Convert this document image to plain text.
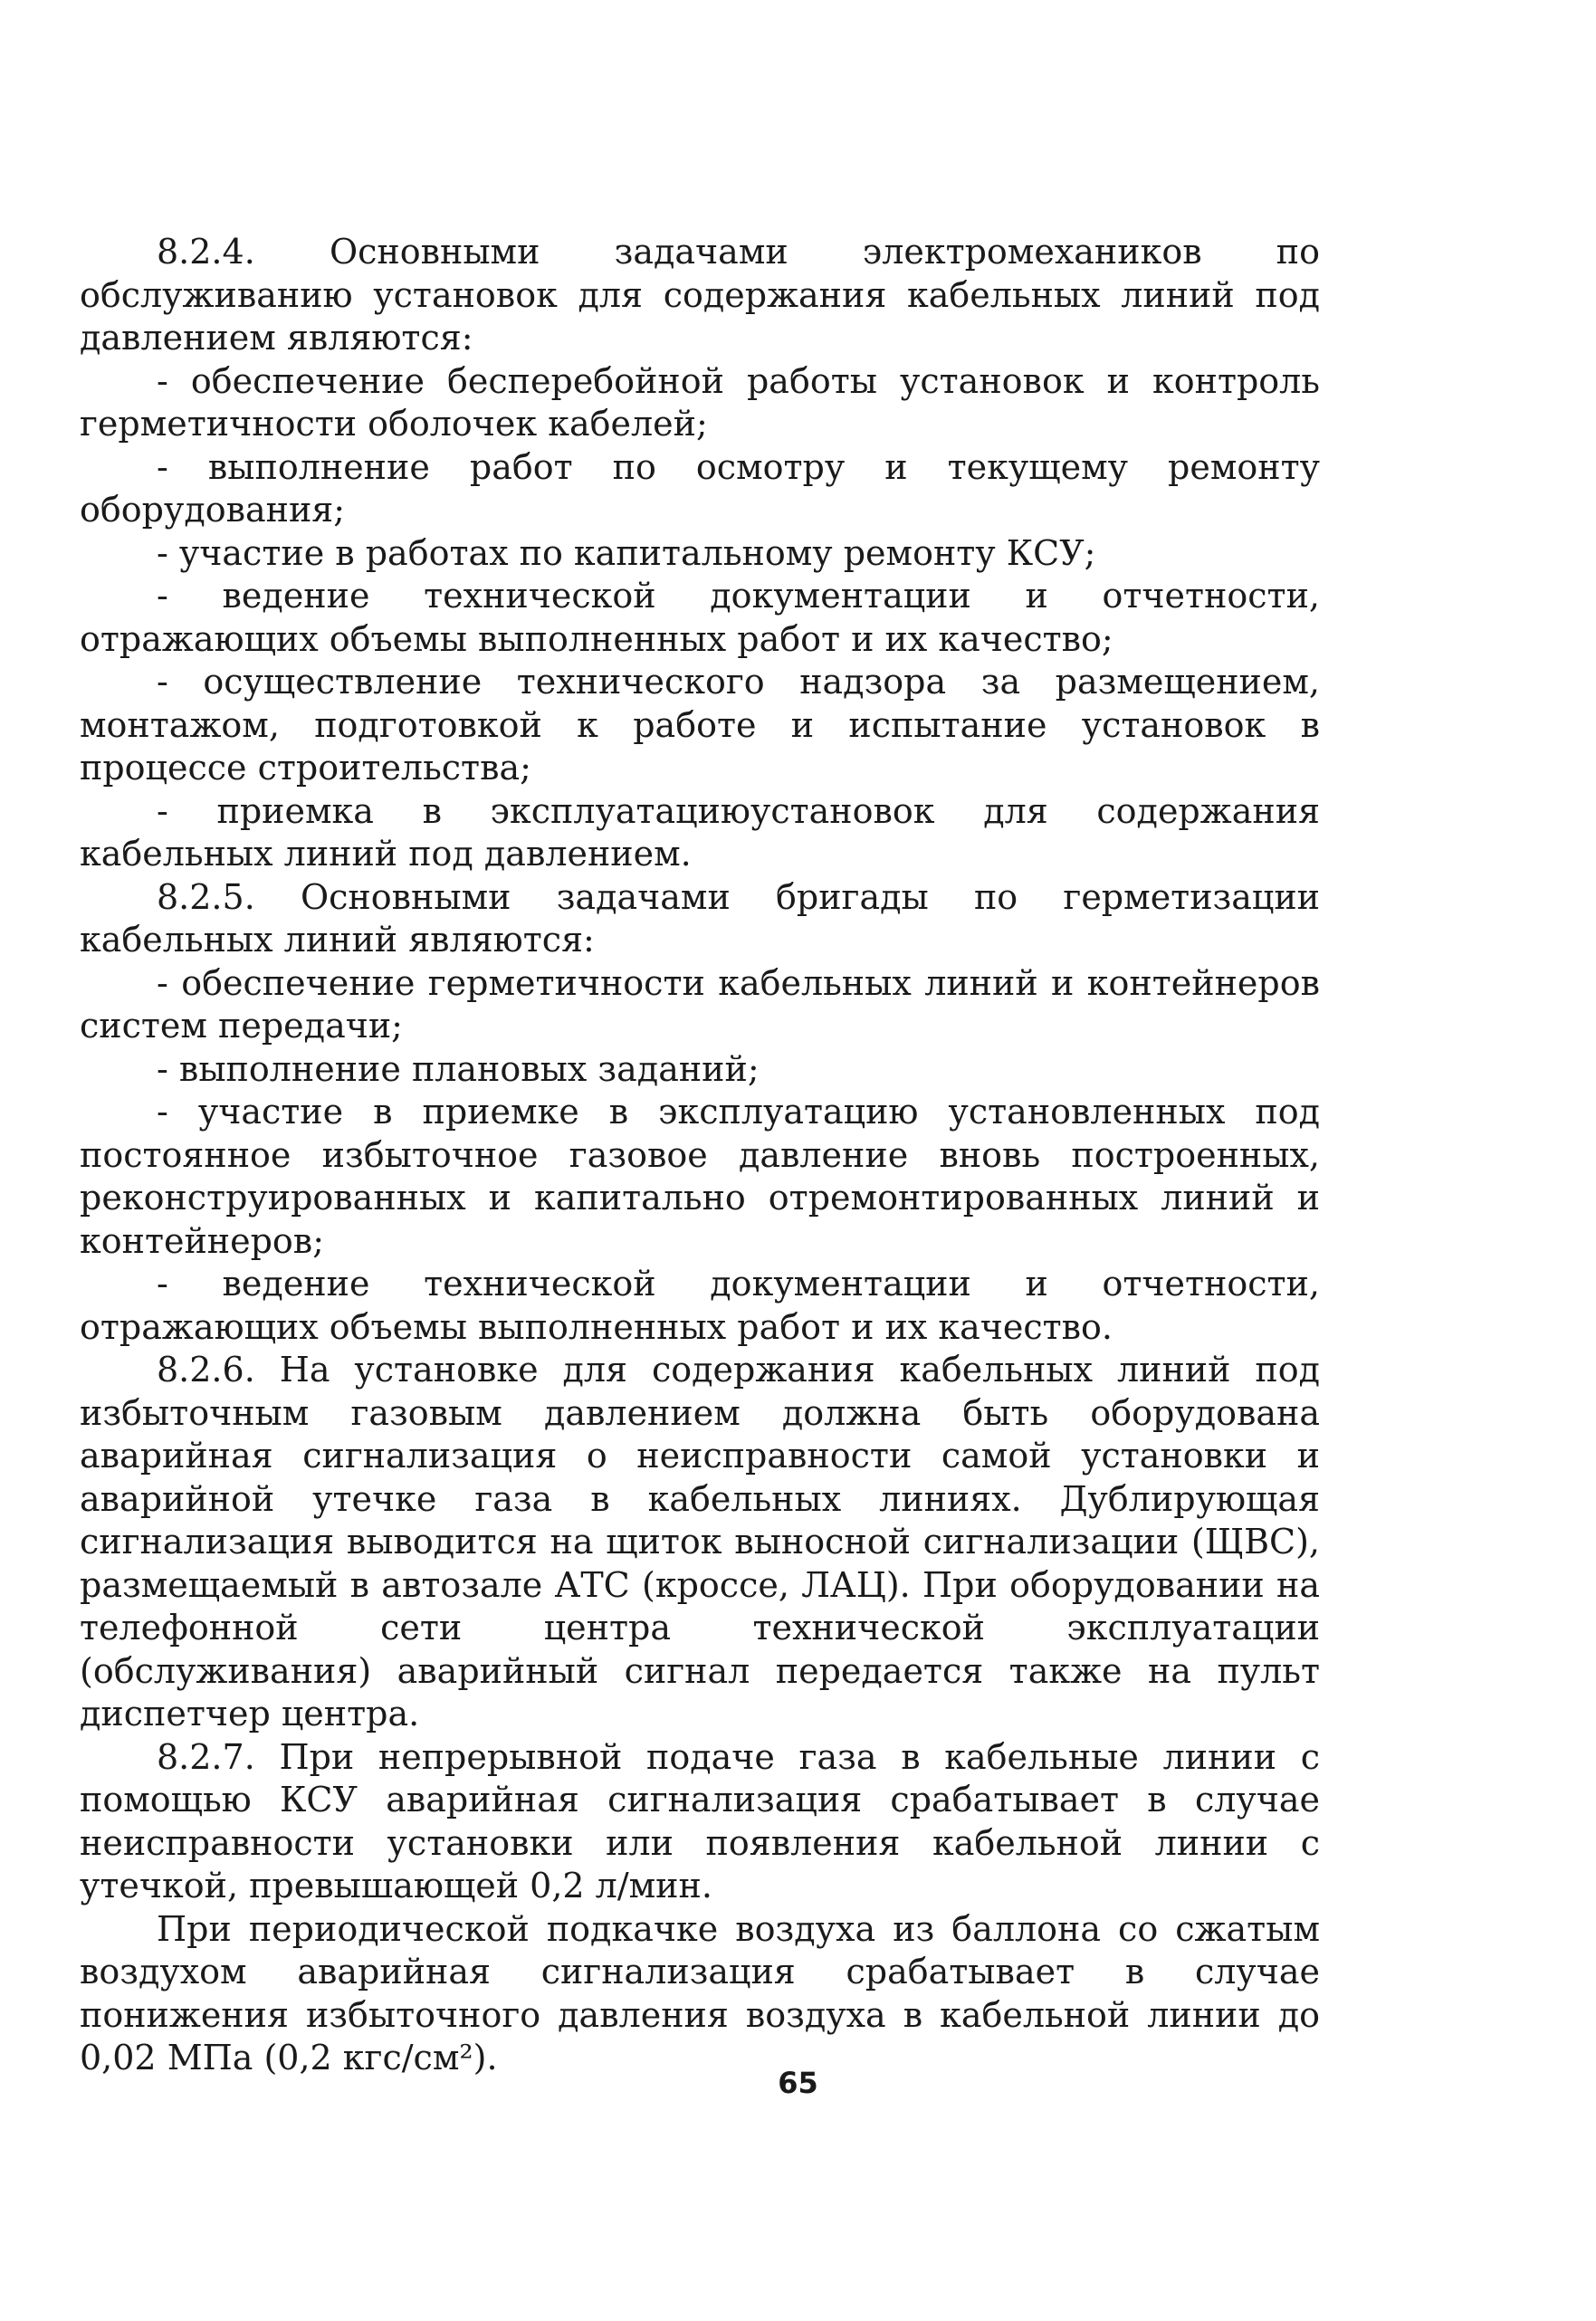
8.2.4. Основными задачами электромехаников по обслуживанию установок для содержания кабельных линий под давлением являются:

- обеспечение бесперебойной работы установок и контроль герметичности оболочек кабелей;

- выполнение работ по осмотру и текущему ремонту оборудования;

- участие в работах по капитальному ремонту КСУ;

- ведение технической документации и отчетности, отражающих объемы выполненных работ и их качество;

- осуществление технического надзора за размещением, монтажом, подготовкой к работе и испытание установок в процессе строительства;

- приемка в эксплуатациюустановок для содержания кабельных линий под давлением.

8.2.5. Основными задачами бригады по герметизации кабельных линий являются:

- обеспечение герметичности кабельных линий и контейнеров систем передачи;

- выполнение плановых заданий;

- участие в приемке в эксплуатацию установленных под постоянное избыточное газовое давление вновь построенных, реконструированных и капитально отремонтированных линий и контейнеров;

- ведение технической документации и отчетности, отражающих объемы выполненных работ и их качество.

8.2.6. На установке для содержания кабельных линий под избыточным газовым давлением должна быть оборудована аварийная сигнализация о неисправности самой установки и аварийной утечке газа в кабельных линиях. Дублирующая сигнализация выводится на щиток выносной сигнализации (ЩВС), размещаемый в автозале АТС (кроссе, ЛАЦ). При оборудовании на телефонной сети центра технической эксплуатации (обслуживания) аварийный сигнал передается также на пульт диспетчер центра.

8.2.7. При непрерывной подаче газа в кабельные линии с помощью КСУ аварийная сигнализация срабатывает в случае неисправности установки или появления кабельной линии с утечкой, превышающей 0,2 л/мин.

При периодической подкачке воздуха из баллона со сжатым воздухом аварийная сигнализация срабатывает в случае понижения избыточного давления воздуха в кабельной линии до 0,02 МПа (0,2 кгс/см²).

65
